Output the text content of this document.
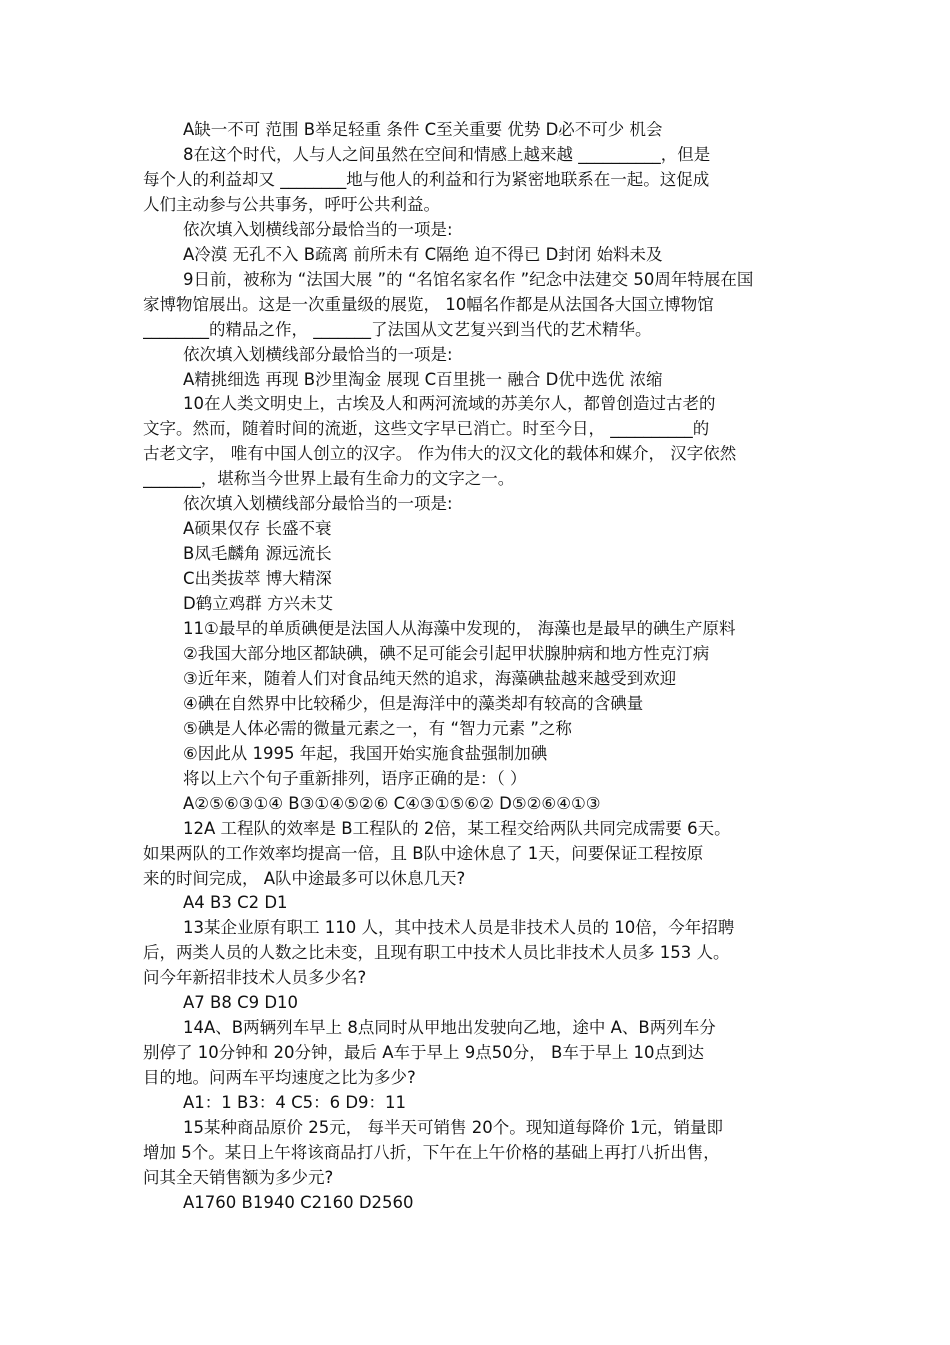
A缺一不可 范围 B举足轻重 条件 C至关重要 优势 D必不可少 机会
8在这个时代，人与人之间虽然在空间和情感上越来越 __________，但是
每个人的利益却又 ________地与他人的利益和行为紧密地联系在一起。这促成
人们主动参与公共事务，呼吁公共利益。
依次填入划横线部分最恰当的一项是:
A冷漠 无孔不入 B疏离 前所未有 C隔绝 迫不得已 D封闭 始料未及
9日前，被称为 “法国大展 ”的 “名馆名家名作 ”纪念中法建交 50周年特展在国
家博物馆展出。这是一次重量级的展览， 10幅名作都是从法国各大国立博物馆
________的精品之作， _______了法国从文艺复兴到当代的艺术精华。
依次填入划横线部分最恰当的一项是:
A精挑细选 再现 B沙里淘金 展现 C百里挑一 融合 D优中选优 浓缩
10在人类文明史上，古埃及人和两河流域的苏美尔人，都曾创造过古老的
文字。然而，随着时间的流逝，这些文字早已消亡。时至今日， __________的
古老文字， 唯有中国人创立的汉字。 作为伟大的汉文化的载体和媒介， 汉字依然
_______，堪称当今世界上最有生命力的文字之一。
依次填入划横线部分最恰当的一项是:
A硕果仅存 长盛不衰
B凤毛麟角 源远流长
C出类拔萃 博大精深
D鹤立鸡群 方兴未艾
11①最早的单质碘便是法国人从海藻中发现的， 海藻也是最早的碘生产原料
②我国大部分地区都缺碘，碘不足可能会引起甲状腺肿病和地方性克汀病
③近年来，随着人们对食品纯天然的追求，海藻碘盐越来越受到欢迎
④碘在自然界中比较稀少，但是海洋中的藻类却有较高的含碘量
⑤碘是人体必需的微量元素之一，有 “智力元素 ”之称
⑥因此从 1995 年起，我国开始实施食盐强制加碘
将以上六个句子重新排列，语序正确的是：（ ）
A②⑤⑥③①④ B③①④⑤②⑥ C④③①⑤⑥② D⑤②⑥④①③
12A 工程队的效率是 B工程队的 2倍，某工程交给两队共同完成需要 6天。
如果两队的工作效率均提高一倍，且 B队中途休息了 1天，问要保证工程按原
来的时间完成， A队中途最多可以休息几天?
A4 B3 C2 D1
13某企业原有职工 110 人，其中技术人员是非技术人员的 10倍，今年招聘
后，两类人员的人数之比未变，且现有职工中技术人员比非技术人员多 153 人。
问今年新招非技术人员多少名?
A7 B8 C9 D10
14A、B两辆列车早上 8点同时从甲地出发驶向乙地，途中 A、B两列车分
别停了 10分钟和 20分钟，最后 A车于早上 9点50分， B车于早上 10点到达
目的地。问两车平均速度之比为多少?
A1：1 B3：4 C5：6 D9：11
15某种商品原价 25元， 每半天可销售 20个。现知道每降价 1元，销量即
增加 5个。某日上午将该商品打八折，下午在上午价格的基础上再打八折出售，
问其全天销售额为多少元?
A1760 B1940 C2160 D2560
